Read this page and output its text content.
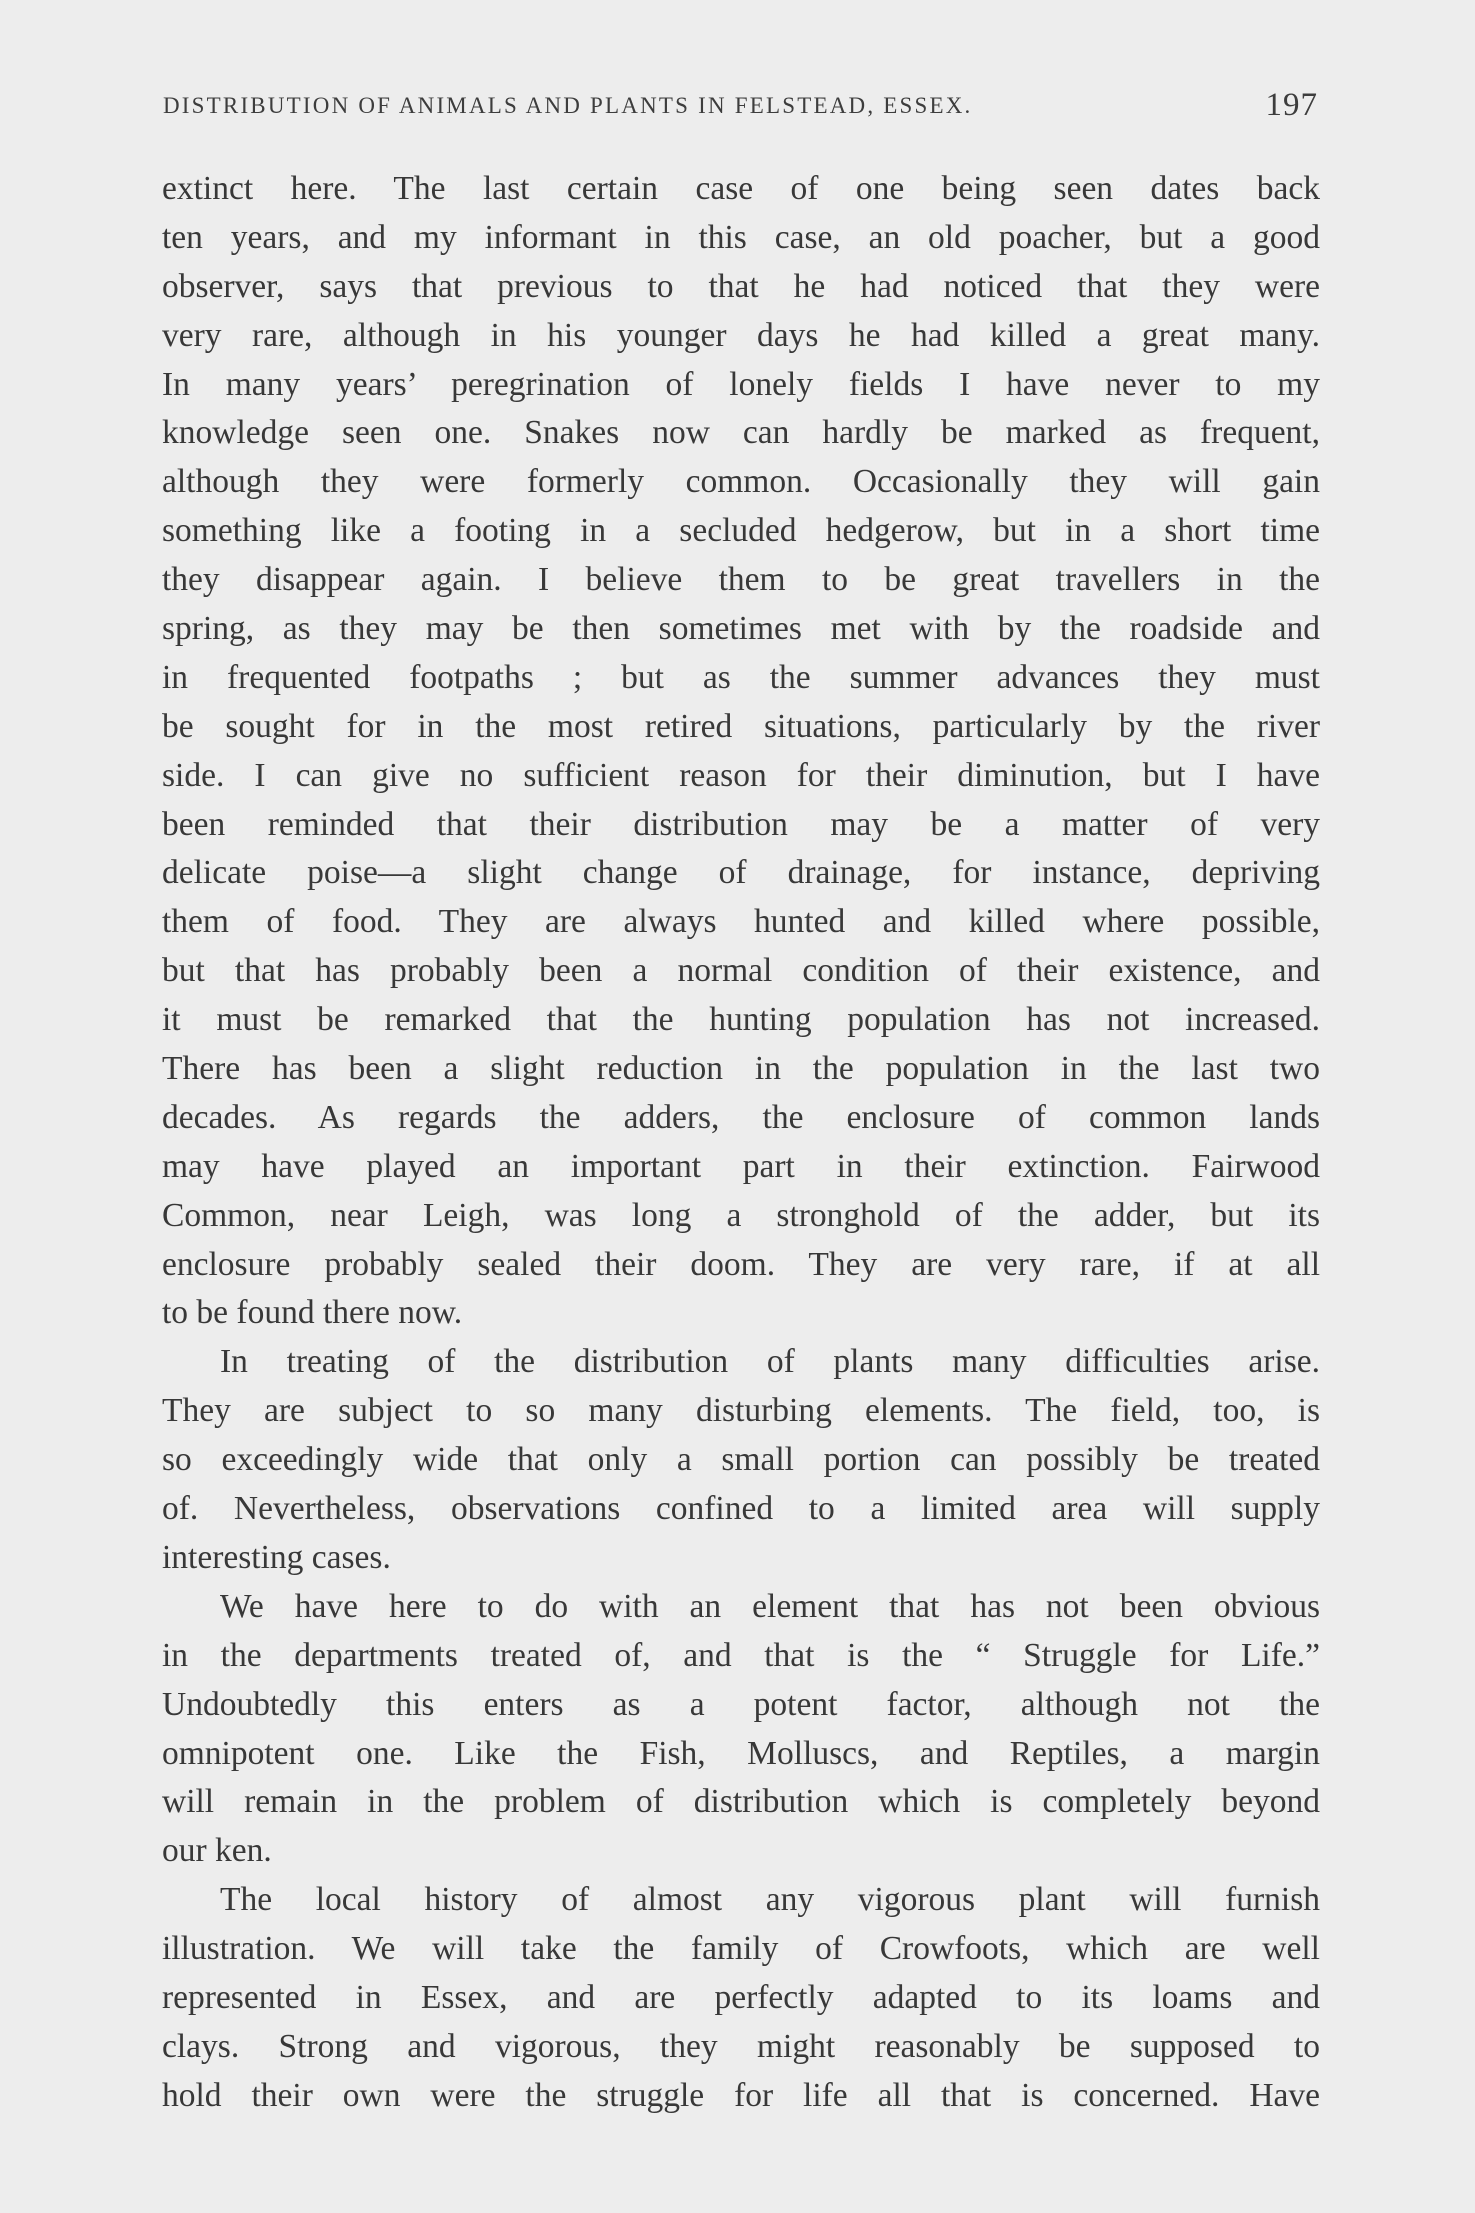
DISTRIBUTION OF ANIMALS AND PLANTS IN FELSTEAD, ESSEX.	197
extinct here. The last certain case of one being seen dates back
ten years, and my informant in this case, an old poacher, but a good
observer, says that previous to that he had noticed that they were
very rare, although in his younger days he had killed a great many.
In many years’ peregrination of lonely fields I have never to my
knowledge seen one. Snakes now can hardly be marked as frequent,
although they were formerly common. Occasionally they will gain
something like a footing in a secluded hedgerow, but in a short time
they disappear again. I believe them to be great travellers in the
spring, as they may be then sometimes met with by the roadside and
in frequented footpaths ; but as the summer advances they must
be sought for in the most retired situations, particularly by the river
side. I can give no sufficient reason for their diminution, but I have
been reminded that their distribution may be a matter of very
delicate poise—a slight change of drainage, for instance, depriving
them of food. They are always hunted and killed where possible,
but that has probably been a normal condition of their existence, and
it must be remarked that the hunting population has not increased.
There has been a slight reduction in the population in the last two
decades. As regards the adders, the enclosure of common lands
may have played an important part in their extinction. Fairwood
Common, near Leigh, was long a stronghold of the adder, but its
enclosure probably sealed their doom. They are very rare, if at all
to be found there now.
In treating of the distribution of plants many difficulties arise.
They are subject to so many disturbing elements. The field, too, is
so exceedingly wide that only a small portion can possibly be treated
of. Nevertheless, observations confined to a limited area will supply
interesting cases.
We have here to do with an element that has not been obvious
in the departments treated of, and that is the “ Struggle for Life.”
Undoubtedly this enters as a potent factor, although not the
omnipotent one. Like the Fish, Molluscs, and Reptiles, a margin
will remain in the problem of distribution which is completely beyond
our ken.
The local history of almost any vigorous plant will furnish
illustration. We will take the family of Crowfoots, which are well
represented in Essex, and are perfectly adapted to its loams and
clays. Strong and vigorous, they might reasonably be supposed to
hold their own were the struggle for life all that is concerned. Have
